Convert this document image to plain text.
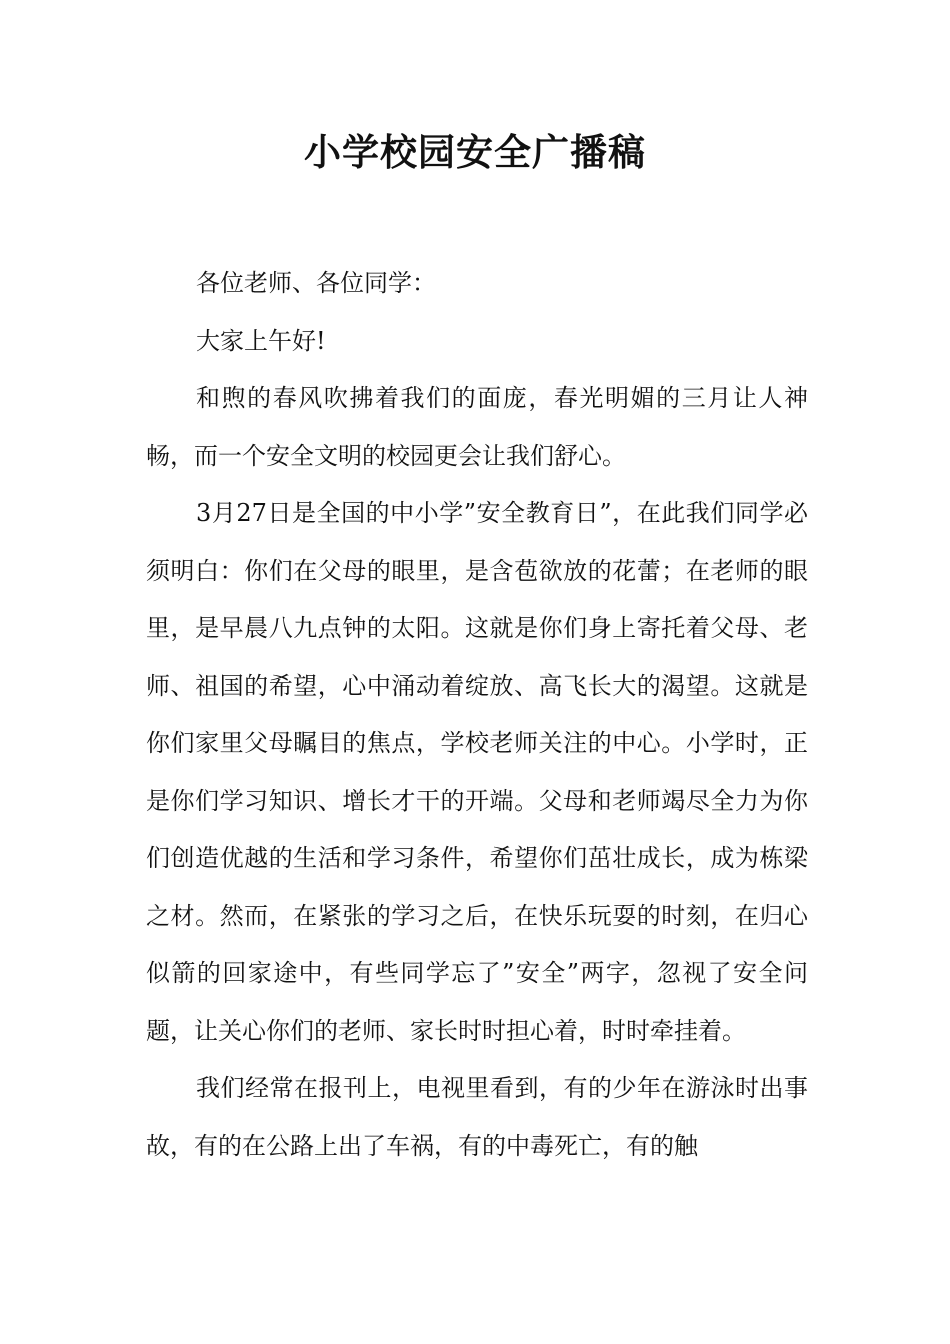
小学校园安全广播稿

各位老师、各位同学：

大家上午好!

和煦的春风吹拂着我们的面庞，春光明媚的三月让人神畅，而一个安全文明的校园更会让我们舒心。

3月27日是全国的中小学”安全教育日”，在此我们同学必须明白：你们在父母的眼里，是含苞欲放的花蕾；在老师的眼里，是早晨八九点钟的太阳。这就是你们身上寄托着父母、老师、祖国的希望，心中涌动着绽放、高飞长大的渴望。这就是你们家里父母瞩目的焦点，学校老师关注的中心。小学时，正是你们学习知识、增长才干的开端。父母和老师竭尽全力为你们创造优越的生活和学习条件，希望你们茁壮成长，成为栋梁之材。然而，在紧张的学习之后，在快乐玩耍的时刻，在归心似箭的回家途中，有些同学忘了”安全”两字，忽视了安全问题，让关心你们的老师、家长时时担心着，时时牵挂着。

我们经常在报刊上，电视里看到，有的少年在游泳时出事故，有的在公路上出了车祸，有的中毒死亡，有的触
